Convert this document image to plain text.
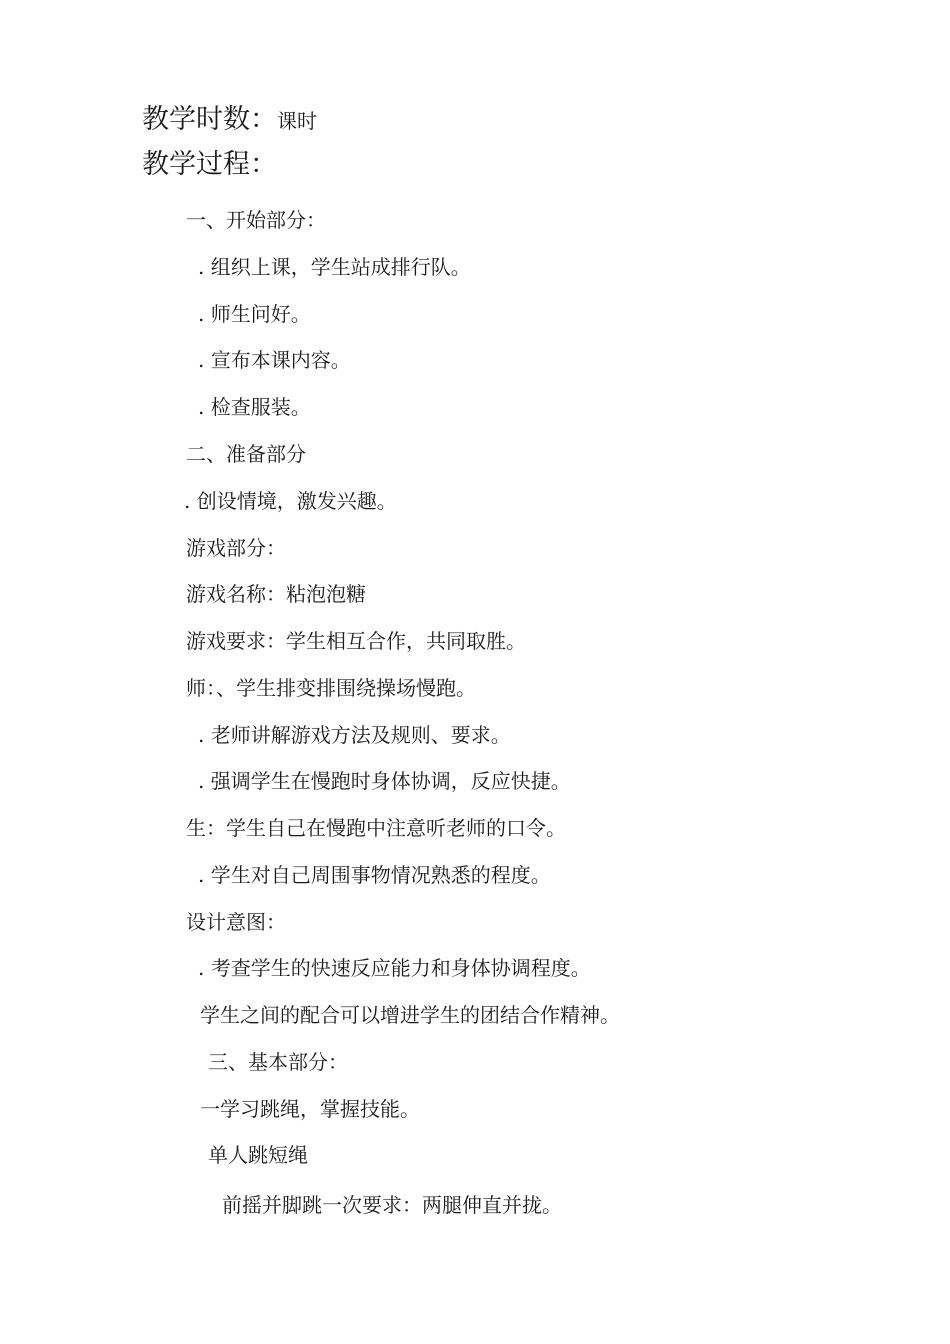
教学时数：课时
教学过程：
一、开始部分：
. 组织上课，学生站成排行队。
. 师生问好。
. 宣布本课内容。
. 检查服装。
二、准备部分
. 创设情境，激发兴趣。
游戏部分：
游戏名称：粘泡泡糖
游戏要求：学生相互合作，共同取胜。
师：、学生排变排围绕操场慢跑。
. 老师讲解游戏方法及规则、要求。
. 强调学生在慢跑时身体协调，反应快捷。
生：学生自己在慢跑中注意听老师的口令。
. 学生对自己周围事物情况熟悉的程度。
设计意图：
. 考查学生的快速反应能力和身体协调程度。
学生之间的配合可以增进学生的团结合作精神。
三、基本部分：
一学习跳绳，掌握技能。
单人跳短绳
前摇并脚跳一次要求：两腿伸直并拢。
